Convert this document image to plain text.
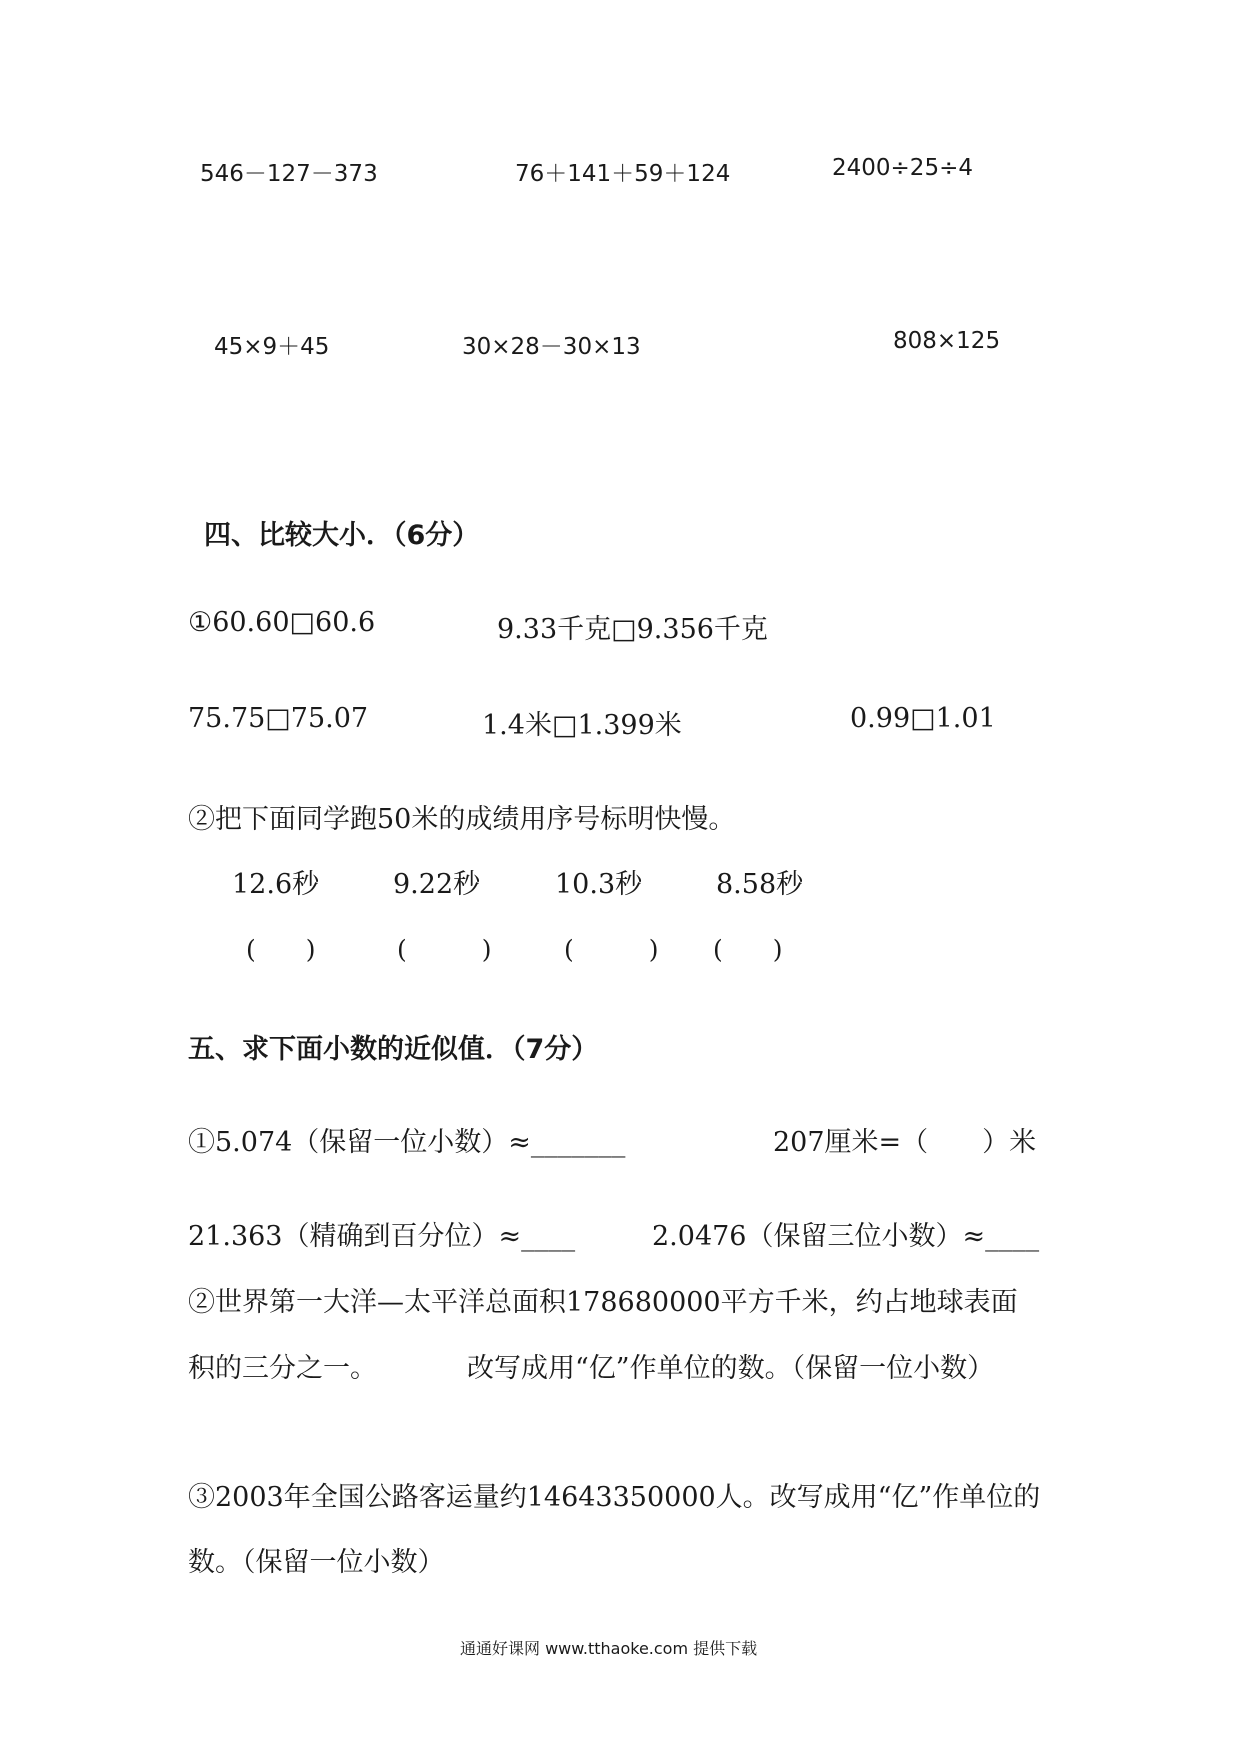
546－127－373	76＋141＋59＋124	2400÷25÷4
45×9＋45	30×28－30×13	808×125
四、比较大小．（6分）
①60.60□60.6	9.33千克□9.356千克
75.75□75.07	1.4米□1.399米	0.99□1.01
②把下面同学跑50米的成绩用序号标明快慢。
12.6秒	9.22秒	10.3秒	8.58秒
(　　)	(　　　)	(　　　) (　　)
五、求下面小数的近似值．（7分）
①5.074（保留一位小数）≈_______	207厘米=（　　）米
21.363（精确到百分位）≈____	2.0476（保留三位小数）≈____
②世界第一大洋—太平洋总面积178680000平方千米，约占地球表面
积的三分之一。	改写成用“亿”作单位的数。（保留一位小数）
③2003年全国公路客运量约14643350000人。改写成用“亿”作单位的
数。（保留一位小数）
通通好课网 www.tthaoke.com 提供下载
